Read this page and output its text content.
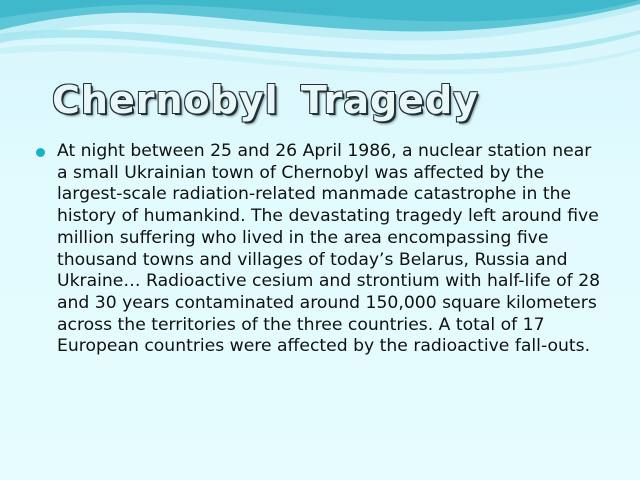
Chernobyl Tragedy

At night between 25 and 26 April 1986, a nuclear station near a small Ukrainian town of Chernobyl was affected by the largest-scale radiation-related manmade catastrophe in the history of humankind. The devastating tragedy left around five million suffering who lived in the area encompassing five thousand towns and villages of today’s Belarus, Russia and Ukraine… Radioactive cesium and strontium with half-life of 28 and 30 years contaminated around 150,000 square kilometers across the territories of the three countries. A total of 17 European countries were affected by the radioactive fall-outs.
